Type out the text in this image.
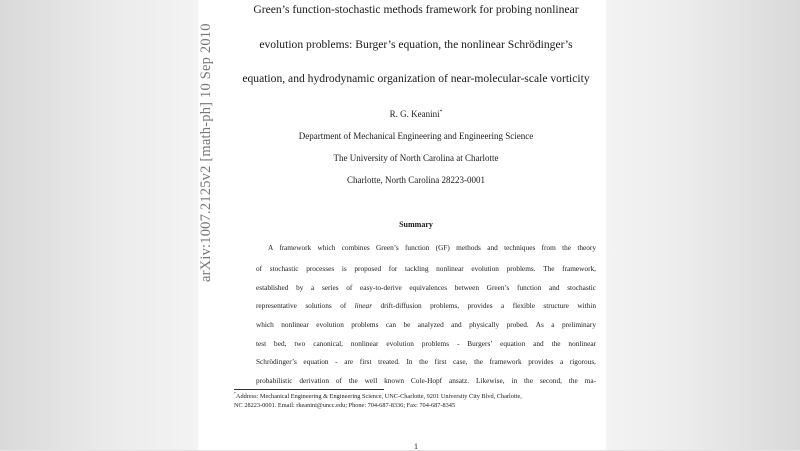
arXiv:1007.2125v2 [math-ph] 10 Sep 2010
Green’s function-stochastic methods framework for probing nonlinear
evolution problems: Burger’s equation, the nonlinear Schrödinger’s
equation, and hydrodynamic organization of near-molecular-scale vorticity
R. G. Keanini*
Department of Mechanical Engineering and Engineering Science
The University of North Carolina at Charlotte
Charlotte, North Carolina 28223-0001
Summary
A framework which combines Green’s function (GF) methods and techniques from the theory
of stochastic processes is proposed for tackling nonlinear evolution problems. The framework,
established by a series of easy-to-derive equivalences between Green’s function and stochastic
representative solutions of linear drift-diffusion problems, provides a flexible structure within
which nonlinear evolution problems can be analyzed and physically probed. As a preliminary
test bed, two canonical, nonlinear evolution problems - Burgers’ equation and the nonlinear
Schrödinger’s equation - are first treated. In the first case, the framework provides a rigorous,
probabilistic derivation of the well known Cole-Hopf ansatz. Likewise, in the second, the ma-
*Address: Mechanical Engineering & Engineering Science, UNC-Charlotte, 9201 University City Blvd, Charlotte,
NC 28223-0001. Email: rkeanini@uncc.edu; Phone: 704-687-8336; Fax: 704-687-8345
1
